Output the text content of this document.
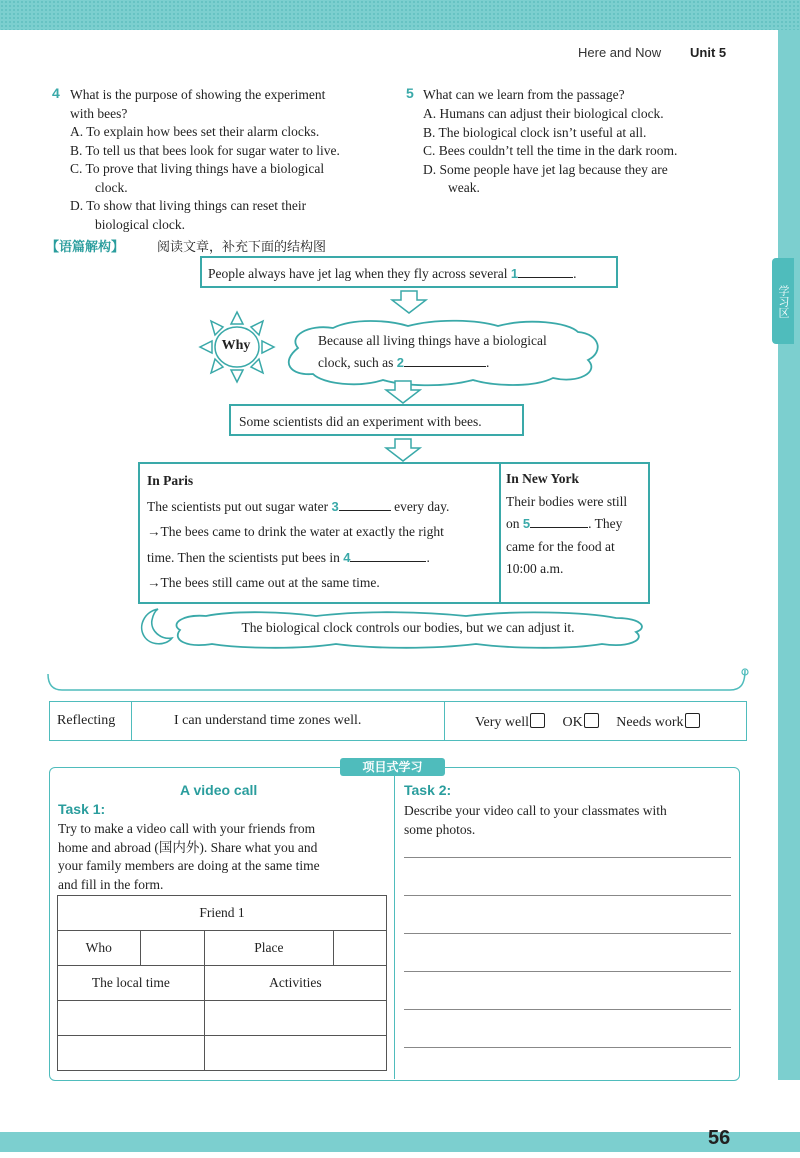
学习区
Here and Now Unit 5
4 What is the purpose of showing the experiment
with bees?
A. To explain how bees set their alarm clocks.
B. To tell us that bees look for sugar water to live.
C. To prove that living things have a biological
clock.
D. To show that living things can reset their
biological clock.
5 What can we learn from the passage?
A. Humans can adjust their biological clock.
B. The biological clock isn’t useful at all.
C. Bees couldn’t tell the time in the dark room.
D. Some people have jet lag because they are
weak.
【语篇解构】	阅读文章，补充下面的结构图
People always have jet lag when they fly across several 1	.
Why	Because all living things have a biological
clock, such as 2	.
Some scientists did an experiment with bees.
In Paris
The scientists put out sugar water 3	every day.
→The bees came to drink the water at exactly the right
time. Then the scientists put bees in 4	.
→The bees still came out at the same time.
In New York
Their bodies were still
on 5	. They
came for the food at
10:00 a.m.
The biological clock controls our bodies, but we can adjust it.
Reflecting	I can understand time zones well.	Very well OK Needs work
项目式学习
A video call
Task 1:
Try to make a video call with your friends from
home and abroad (国内外). Share what you and
your family members are doing at the same time
and fill in the form.
Friend 1			
Who		Place	
The local time		Activities	

Task 2:
Describe your video call to your classmates with
some photos.
56
